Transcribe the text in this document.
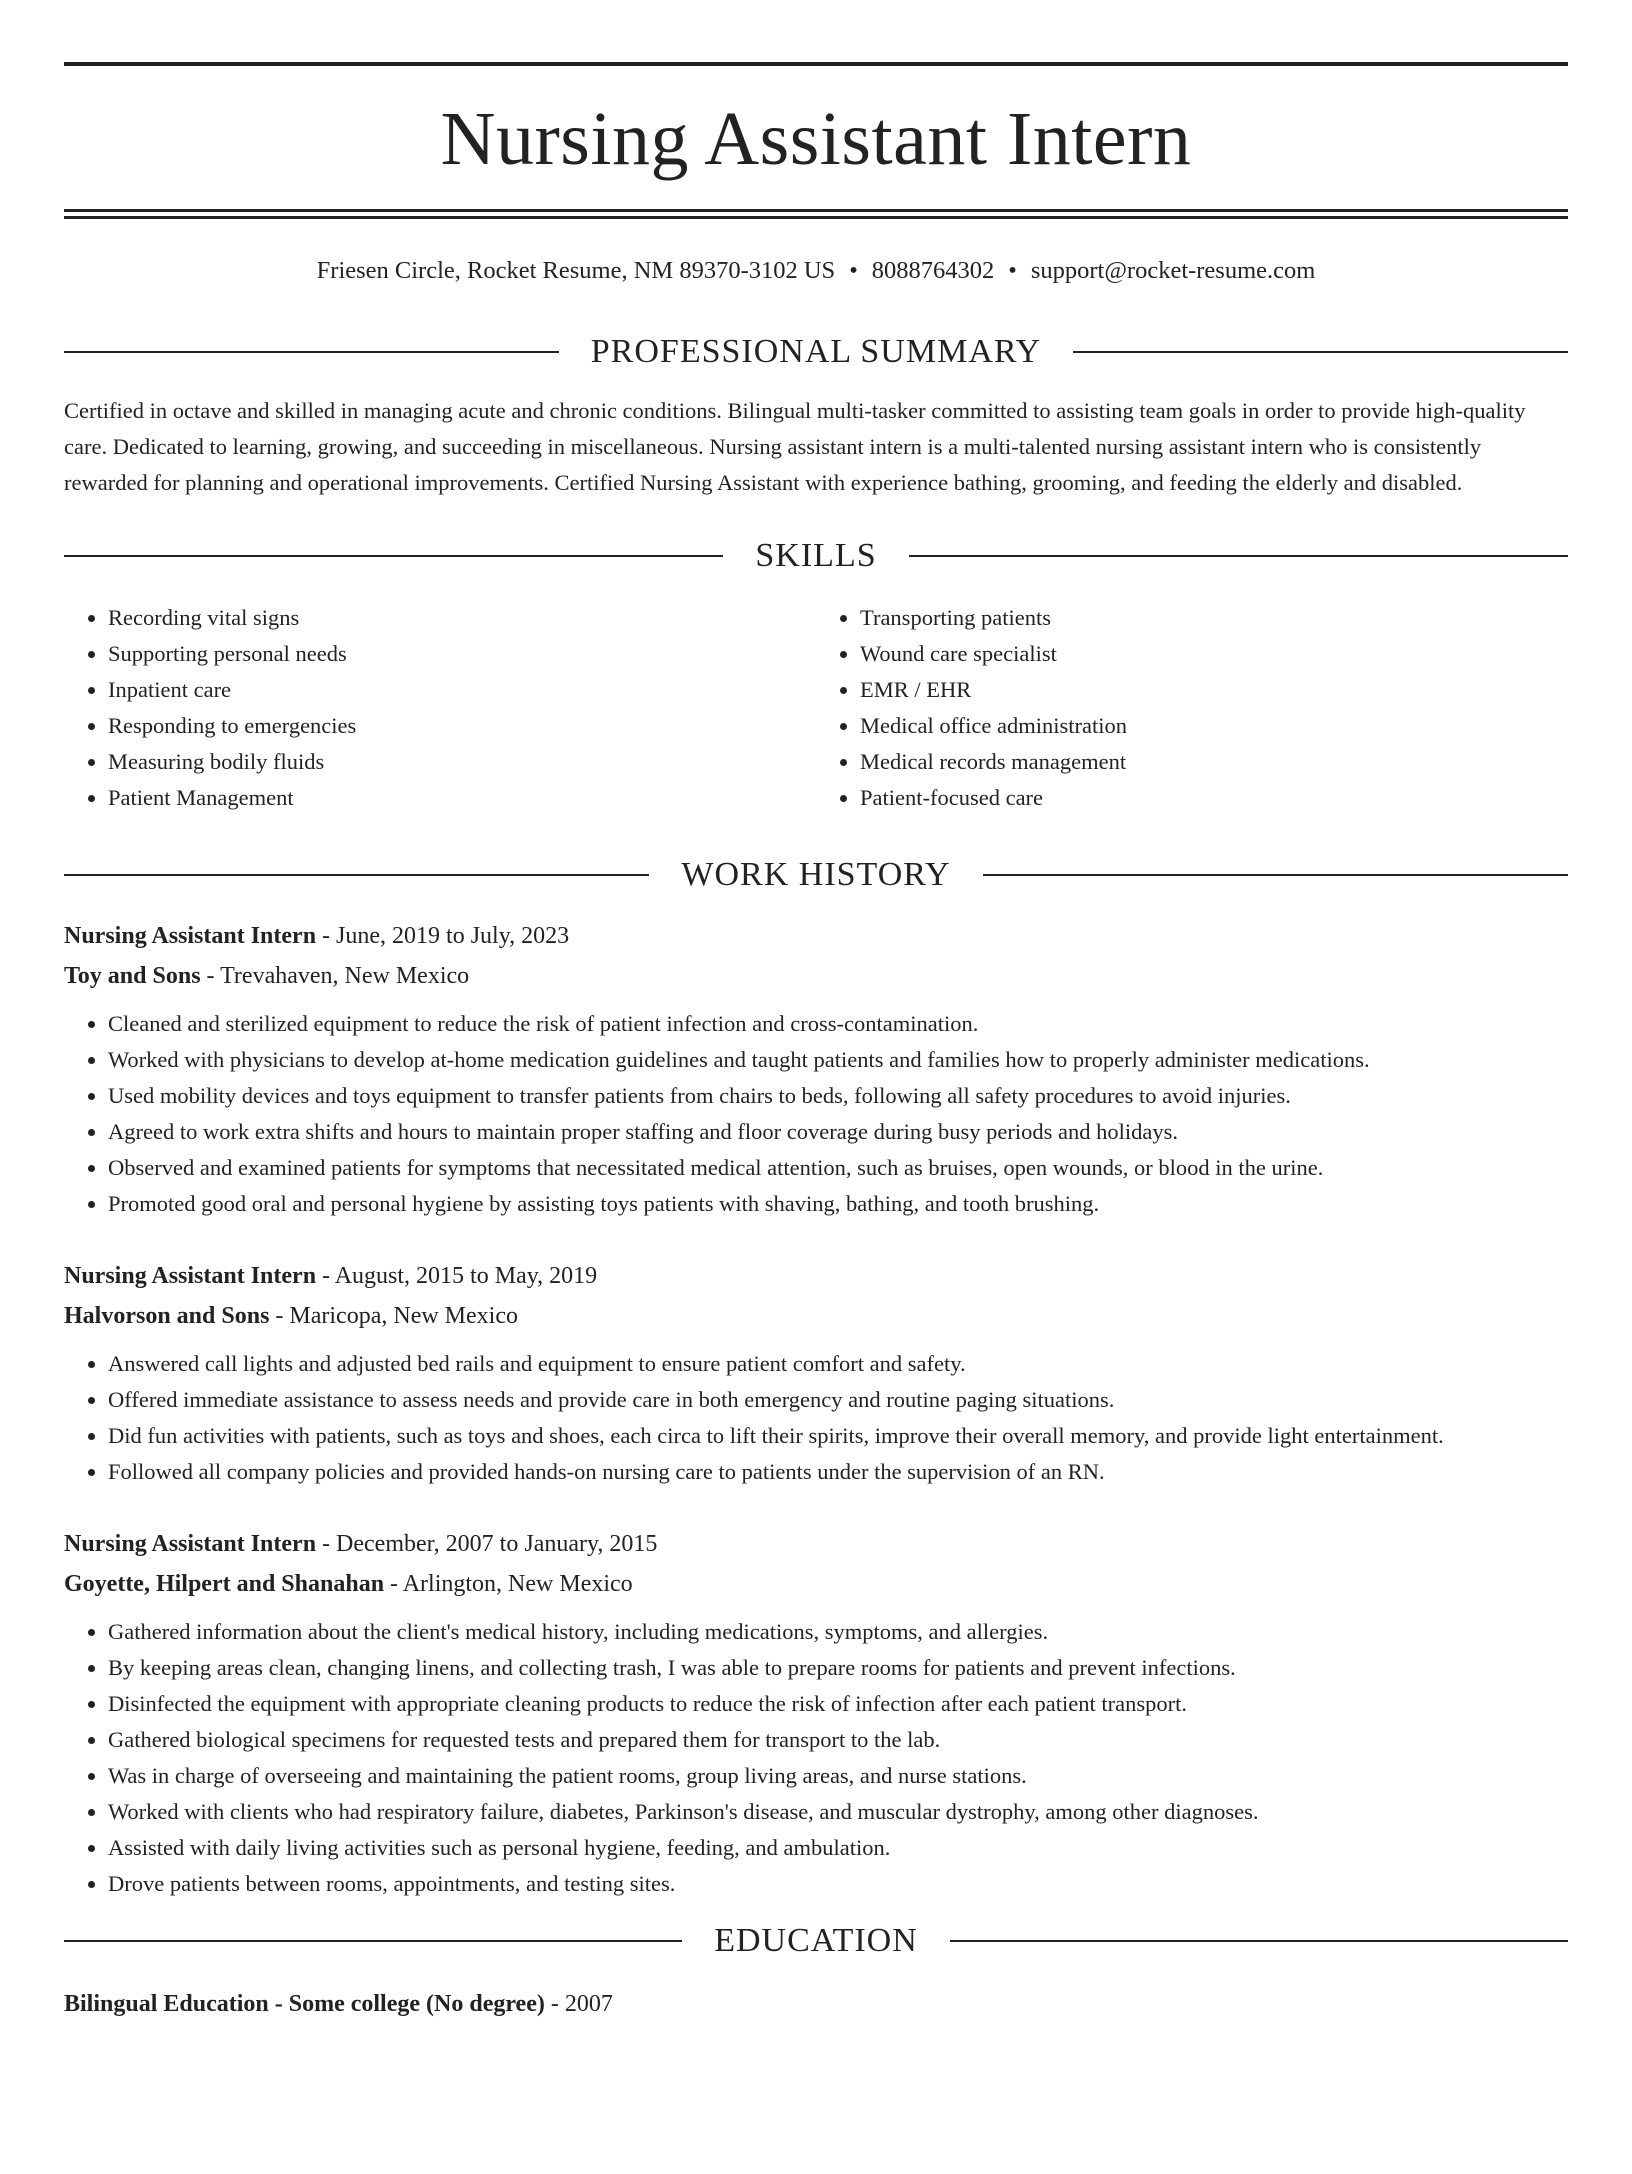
Nursing Assistant Intern
Friesen Circle, Rocket Resume, NM 89370-3102 US • 8088764302 • support@rocket-resume.com
PROFESSIONAL SUMMARY

Certified in octave and skilled in managing acute and chronic conditions. Bilingual multi-tasker committed to assisting team goals in order to provide high-quality care. Dedicated to learning, growing, and succeeding in miscellaneous. Nursing assistant intern is a multi-talented nursing assistant intern who is consistently rewarded for planning and operational improvements. Certified Nursing Assistant with experience bathing, grooming, and feeding the elderly and disabled.

SKILLS
• Recording vital signs
• Supporting personal needs
• Inpatient care
• Responding to emergencies
• Measuring bodily fluids
• Patient Management
• Transporting patients
• Wound care specialist
• EMR / EHR
• Medical office administration
• Medical records management
• Patient-focused care
WORK HISTORY
Nursing Assistant Intern - June, 2019 to July, 2023
Toy and Sons - Trevahaven, New Mexico
• Cleaned and sterilized equipment to reduce the risk of patient infection and cross-contamination.
• Worked with physicians to develop at-home medication guidelines and taught patients and families how to properly administer medications.
• Used mobility devices and toys equipment to transfer patients from chairs to beds, following all safety procedures to avoid injuries.
• Agreed to work extra shifts and hours to maintain proper staffing and floor coverage during busy periods and holidays.
• Observed and examined patients for symptoms that necessitated medical attention, such as bruises, open wounds, or blood in the urine.
• Promoted good oral and personal hygiene by assisting toys patients with shaving, bathing, and tooth brushing.
Nursing Assistant Intern - August, 2015 to May, 2019
Halvorson and Sons - Maricopa, New Mexico
• Answered call lights and adjusted bed rails and equipment to ensure patient comfort and safety.
• Offered immediate assistance to assess needs and provide care in both emergency and routine paging situations.
• Did fun activities with patients, such as toys and shoes, each circa to lift their spirits, improve their overall memory, and provide light entertainment.
• Followed all company policies and provided hands-on nursing care to patients under the supervision of an RN.
Nursing Assistant Intern - December, 2007 to January, 2015
Goyette, Hilpert and Shanahan - Arlington, New Mexico
• Gathered information about the client's medical history, including medications, symptoms, and allergies.
• By keeping areas clean, changing linens, and collecting trash, I was able to prepare rooms for patients and prevent infections.
• Disinfected the equipment with appropriate cleaning products to reduce the risk of infection after each patient transport.
• Gathered biological specimens for requested tests and prepared them for transport to the lab.
• Was in charge of overseeing and maintaining the patient rooms, group living areas, and nurse stations.
• Worked with clients who had respiratory failure, diabetes, Parkinson's disease, and muscular dystrophy, among other diagnoses.
• Assisted with daily living activities such as personal hygiene, feeding, and ambulation.
• Drove patients between rooms, appointments, and testing sites.
EDUCATION
Bilingual Education - Some college (No degree) - 2007
